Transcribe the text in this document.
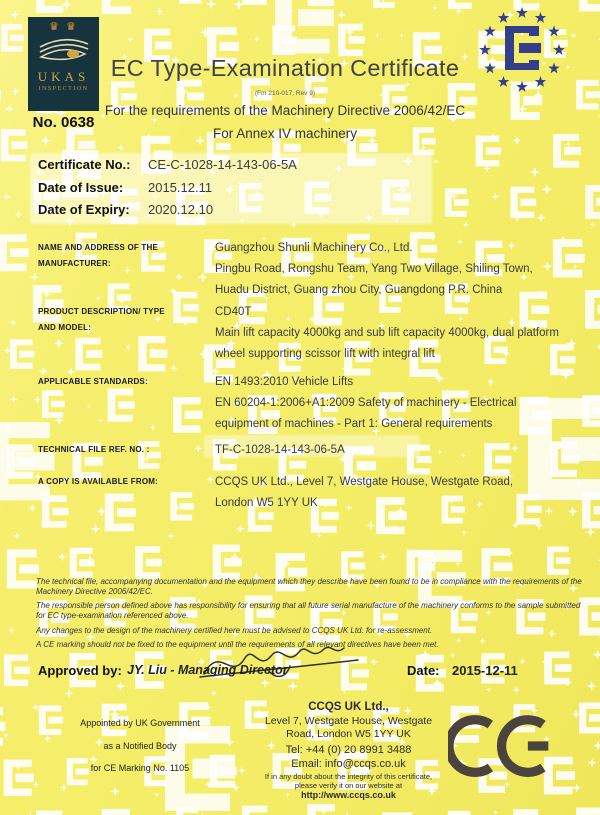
♛ ♛
UKAS
INSPECTION
No. 0638
EC Type-Examination Certificate
(Fm 210-017, Rev 9)
For the requirements of the Machinery Directive 2006/42/EC
For Annex IV machinery
Certificate No.: CE-C-1028-14-143-06-5A
Date of Issue: 2015.12.11
Date of Expiry: 2020.12.10
NAME AND ADDRESS OF THE
MANUFACTURER:
Guangzhou Shunli Machinery Co., Ltd.
Pingbu Road, Rongshu Team, Yang Two Village, Shiling Town,
Huadu District, Guang zhou City, Guangdong P.R. China
PRODUCT DESCRIPTION/ TYPE
AND MODEL:
CD40T
Main lift capacity 4000kg and sub lift capacity 4000kg, dual platform
wheel supporting scissor lift with integral lift
APPLICABLE STANDARDS:	EN 1493:2010 Vehicle Lifts
EN 60204-1:2006+A1:2009 Safety of machinery - Electrical
equipment of machines - Part 1: General requirements
TECHNICAL FILE REF. NO. :	TF-C-1028-14-143-06-5A
A COPY IS AVAILABLE FROM:	CCQS UK Ltd., Level 7, Westgate House, Westgate Road,
London W5 1YY UK

The technical file, accompanying documentation and the equipment which they describe have been found to be in compliance with the requirements of the Machinery Directive 2006/42/EC.

The responsible person defined above has responsibility for ensuring that all future serial manufacture of the machinery conforms to the sample submitted for EC type-examination referenced above.

Any changes to the design of the machinery certified here must be advised to CCQS UK Ltd. for re-assessment.

A CE marking should not be fixed to the equipment until the requirements of all relevant directives have been met.

Approved by: JY. Liu - Managing Director	Date: 2015-12-11
Appointed by UK Government
as a Notified Body
for CE Marking No. 1105
CCQS UK Ltd.,
Level 7, Westgate House, Westgate
Road, London W5 1YY UK
Tel: +44 (0) 20 8991 3488
Email: info@ccqs.co.uk
If in any doubt about the integrity of this certificate,
please verify it on our website at
http://www.ccqs.co.uk
